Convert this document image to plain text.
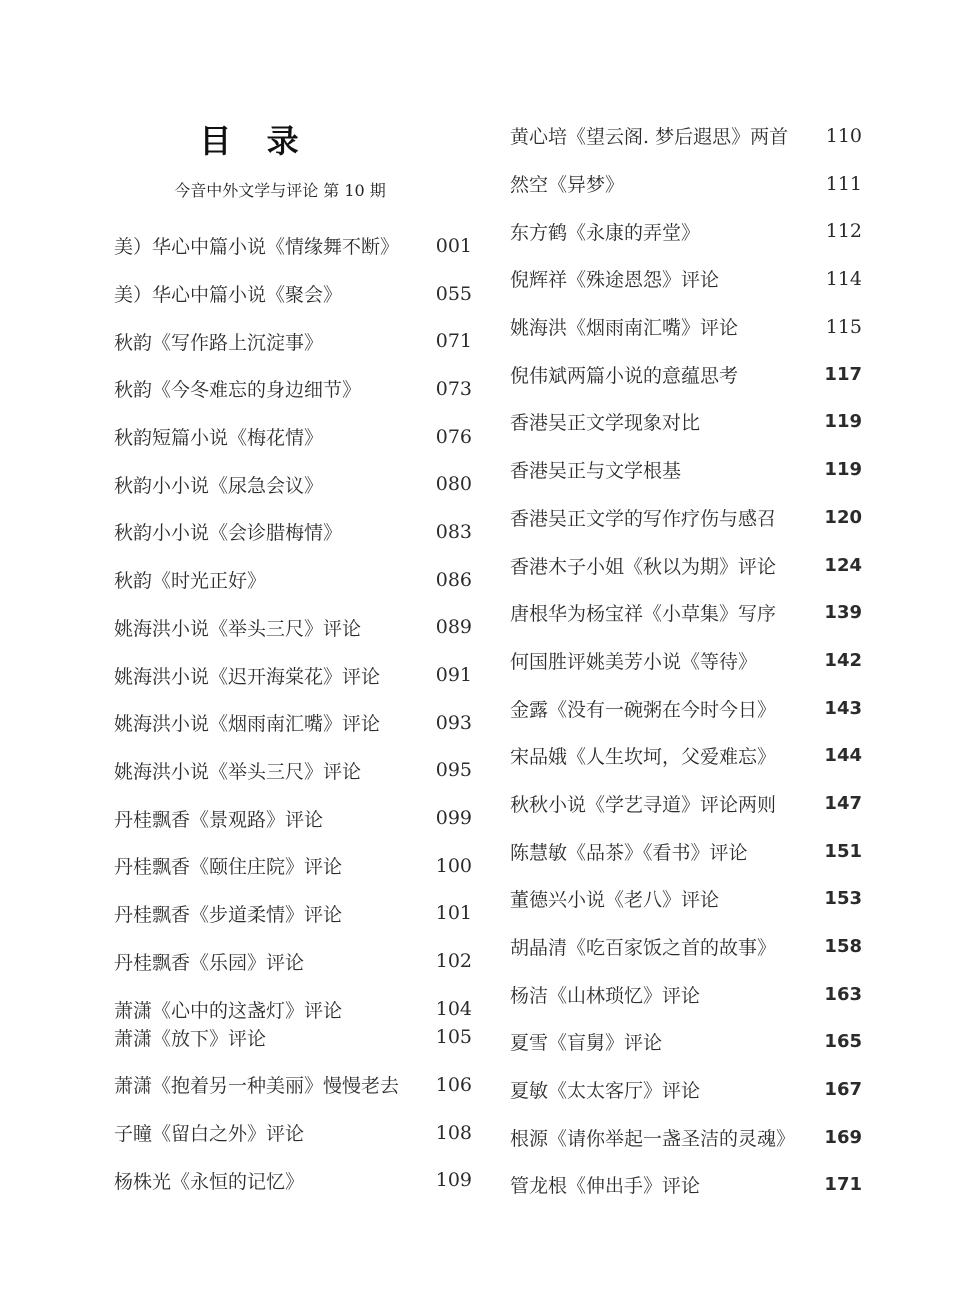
目 录
今音中外文学与评论 第 10 期
美）华心中篇小说《情缘舞不断》	001
美）华心中篇小说《聚会》	055
秋韵《写作路上沉淀事》	071
秋韵《今冬难忘的身边细节》	073
秋韵短篇小说《梅花情》	076
秋韵小小说《尿急会议》	080
秋韵小小说《会诊腊梅情》	083
秋韵《时光正好》	086
姚海洪小说《举头三尺》评论	089
姚海洪小说《迟开海棠花》评论	091
姚海洪小说《烟雨南汇嘴》评论	093
姚海洪小说《举头三尺》评论	095
丹桂飘香《景观路》评论	099
丹桂飘香《颐住庄院》评论	100
丹桂飘香《步道柔情》评论	101
丹桂飘香《乐园》评论	102
萧潇《心中的这盏灯》评论	104
萧潇《放下》评论	105
萧潇《抱着另一种美丽》慢慢老去	106
子瞳《留白之外》评论	108
杨株光《永恒的记忆》	109
黄心培《望云阁. 梦后遐思》两首	110
然空《异梦》	111
东方鹤《永康的弄堂》	112
倪辉祥《殊途恩怨》评论	114
姚海洪《烟雨南汇嘴》评论	115
倪伟斌两篇小说的意蕴思考	117
香港吴正文学现象对比	119
香港吴正与文学根基	119
香港吴正文学的写作疗伤与感召	120
香港木子小姐《秋以为期》评论	124
唐根华为杨宝祥《小草集》写序	139
何国胜评姚美芳小说《等待》	142
金露《没有一碗粥在今时今日》	143
宋品娥《人生坎坷，父爱难忘》	144
秋秋小说《学艺寻道》评论两则	147
陈慧敏《品茶》《看书》评论	151
董德兴小说《老八》评论	153
胡晶清《吃百家饭之首的故事》	158
杨洁《山林琐忆》评论	163
夏雪《盲舅》评论	165
夏敏《太太客厅》评论	167
根源《请你举起一盏圣洁的灵魂》	169
管龙根《伸出手》评论	171
